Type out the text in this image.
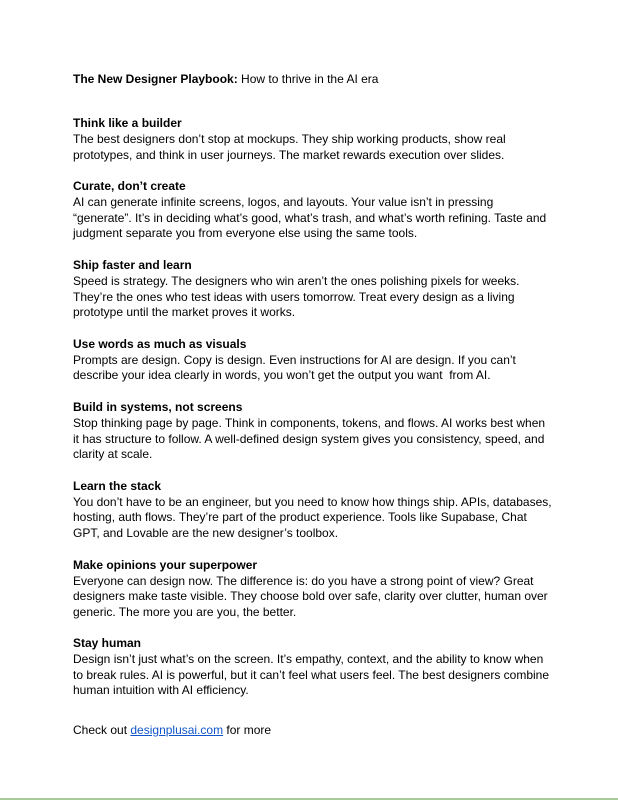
The New Designer Playbook: How to thrive in the AI era
Think like a builder

The best designers don’t stop at mockups. They ship working products, show real prototypes, and think in user journeys. The market rewards execution over slides.

Curate, don’t create

AI can generate infinite screens, logos, and layouts. Your value isn’t in pressing “generate”. It’s in deciding what’s good, what’s trash, and what’s worth refining. Taste and judgment separate you from everyone else using the same tools.

Ship faster and learn

Speed is strategy. The designers who win aren’t the ones polishing pixels for weeks. They’re the ones who test ideas with users tomorrow. Treat every design as a living prototype until the market proves it works.

Use words as much as visuals

Prompts are design. Copy is design. Even instructions for AI are design. If you can’t describe your idea clearly in words, you won’t get the output you want  from AI.

Build in systems, not screens

Stop thinking page by page. Think in components, tokens, and flows. AI works best when it has structure to follow. A well-defined design system gives you consistency, speed, and clarity at scale.

Learn the stack

You don’t have to be an engineer, but you need to know how things ship. APIs, databases, hosting, auth flows. They’re part of the product experience. Tools like Supabase, Chat GPT, and Lovable are the new designer’s toolbox.

Make opinions your superpower

Everyone can design now. The difference is: do you have a strong point of view? Great designers make taste visible. They choose bold over safe, clarity over clutter, human over generic. The more you are you, the better.

Stay human

Design isn’t just what’s on the screen. It’s empathy, context, and the ability to know when to break rules. AI is powerful, but it can’t feel what users feel. The best designers combine human intuition with AI efficiency.

Check out designplusai.com for more
